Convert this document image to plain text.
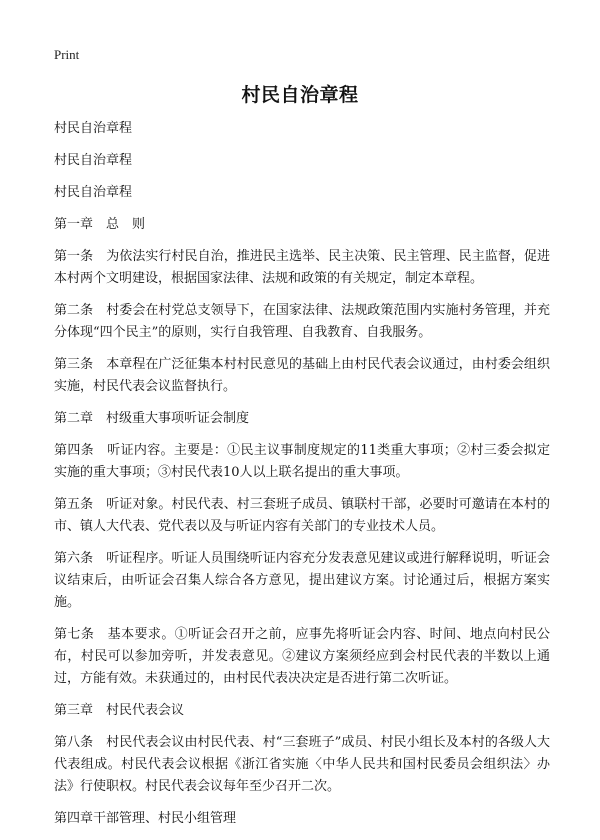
Print
村民自治章程

村民自治章程

村民自治章程

村民自治章程

第一章　总　则

第一条　为依法实行村民自治，推进民主选举、民主决策、民主管理、民主监督，促进本村两个文明建设，根据国家法律、法规和政策的有关规定，制定本章程。

第二条　村委会在村党总支领导下，在国家法律、法规政策范围内实施村务管理，并充分体现“四个民主”的原则，实行自我管理、自我教育、自我服务。

第三条　本章程在广泛征集本村村民意见的基础上由村民代表会议通过，由村委会组织实施，村民代表会议监督执行。

第二章　村级重大事项听证会制度

第四条　听证内容。主要是：①民主议事制度规定的11类重大事项；②村三委会拟定实施的重大事项；③村民代表10人以上联名提出的重大事项。

第五条　听证对象。村民代表、村三套班子成员、镇联村干部，必要时可邀请在本村的市、镇人大代表、党代表以及与听证内容有关部门的专业技术人员。

第六条　听证程序。听证人员围绕听证内容充分发表意见建议或进行解释说明，听证会议结束后，由听证会召集人综合各方意见，提出建议方案。讨论通过后，根据方案实施。

第七条　基本要求。①听证会召开之前，应事先将听证会内容、时间、地点向村民公布，村民可以参加旁听，并发表意见。②建议方案须经应到会村民代表的半数以上通过，方能有效。未获通过的，由村民代表决决定是否进行第二次听证。

第三章　村民代表会议

第八条　村民代表会议由村民代表、村“三套班子”成员、村民小组长及本村的各级人大代表组成。村民代表会议根据《浙江省实施〈中华人民共和国村民委员会组织法〉办法》行使职权。村民代表会议每年至少召开二次。

第四章干部管理、村民小组管理
